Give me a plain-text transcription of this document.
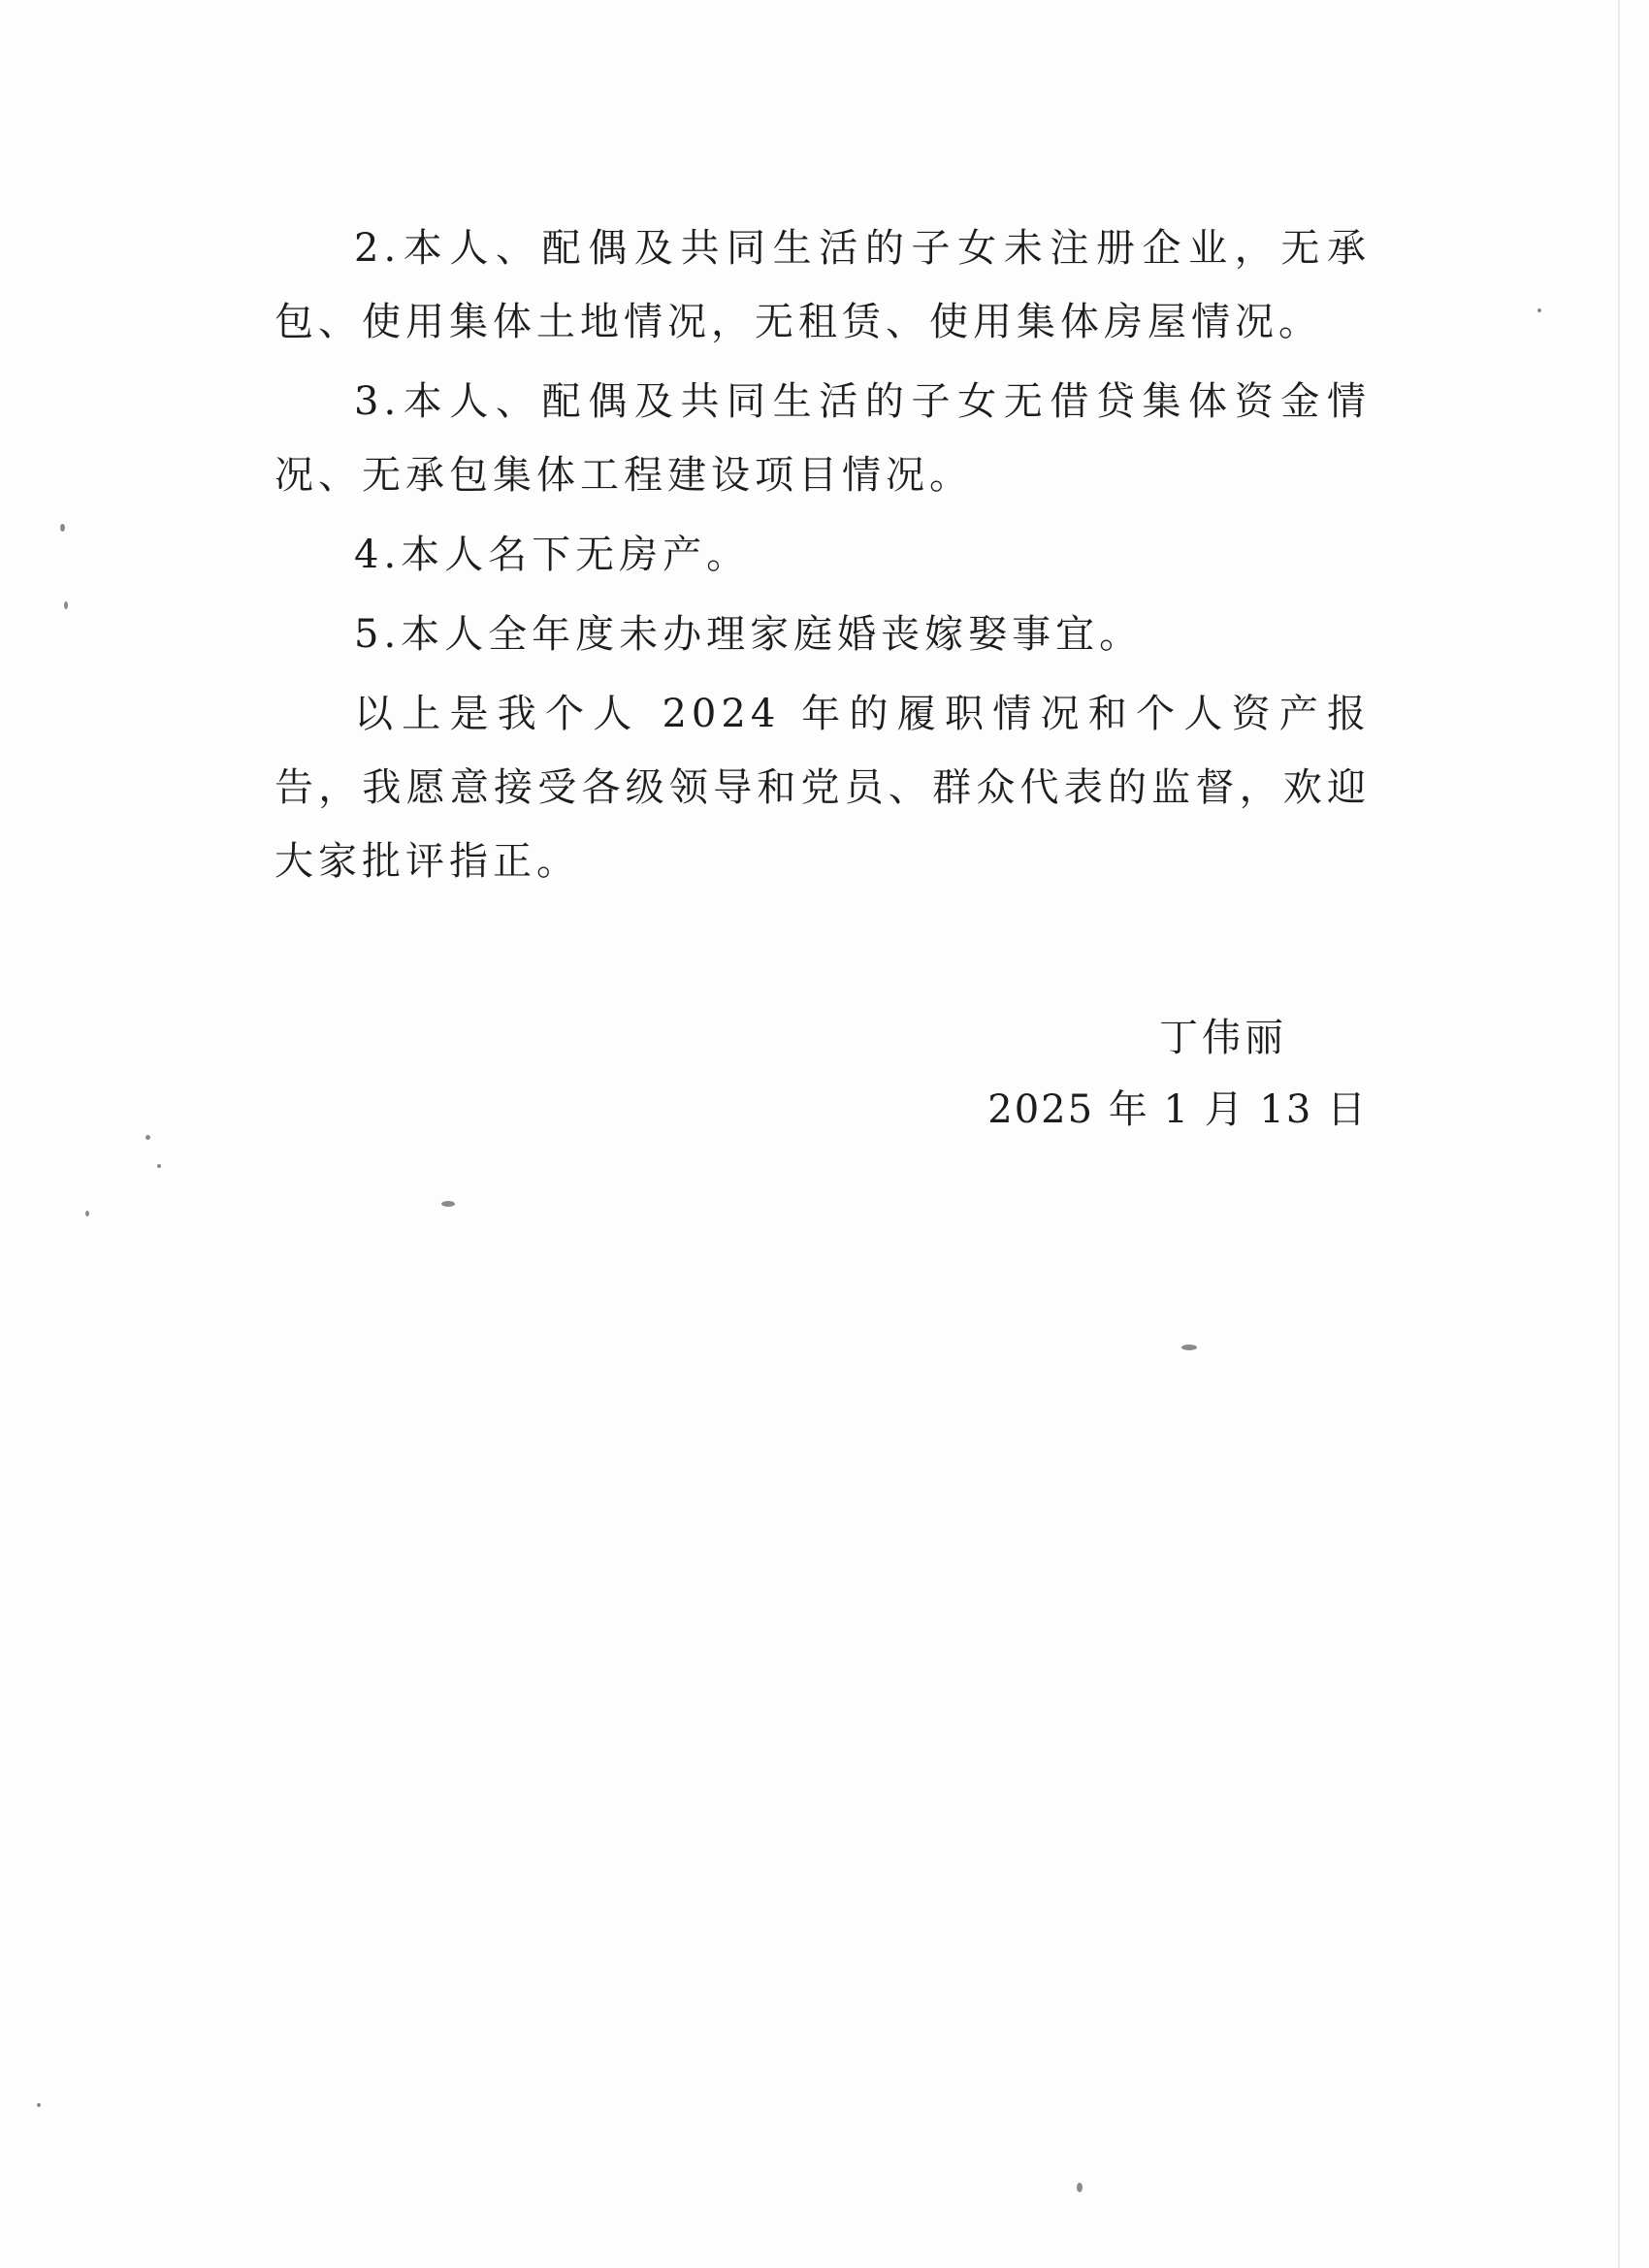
2.本人、配偶及共同生活的子女未注册企业，无承包、使用集体土地情况，无租赁、使用集体房屋情况。

3.本人、配偶及共同生活的子女无借贷集体资金情况、无承包集体工程建设项目情况。

4.本人名下无房产。

5.本人全年度未办理家庭婚丧嫁娶事宜。

以上是我个人 2024 年的履职情况和个人资产报告，我愿意接受各级领导和党员、群众代表的监督，欢迎大家批评指正。

丁伟丽
2025 年 1 月 13 日
